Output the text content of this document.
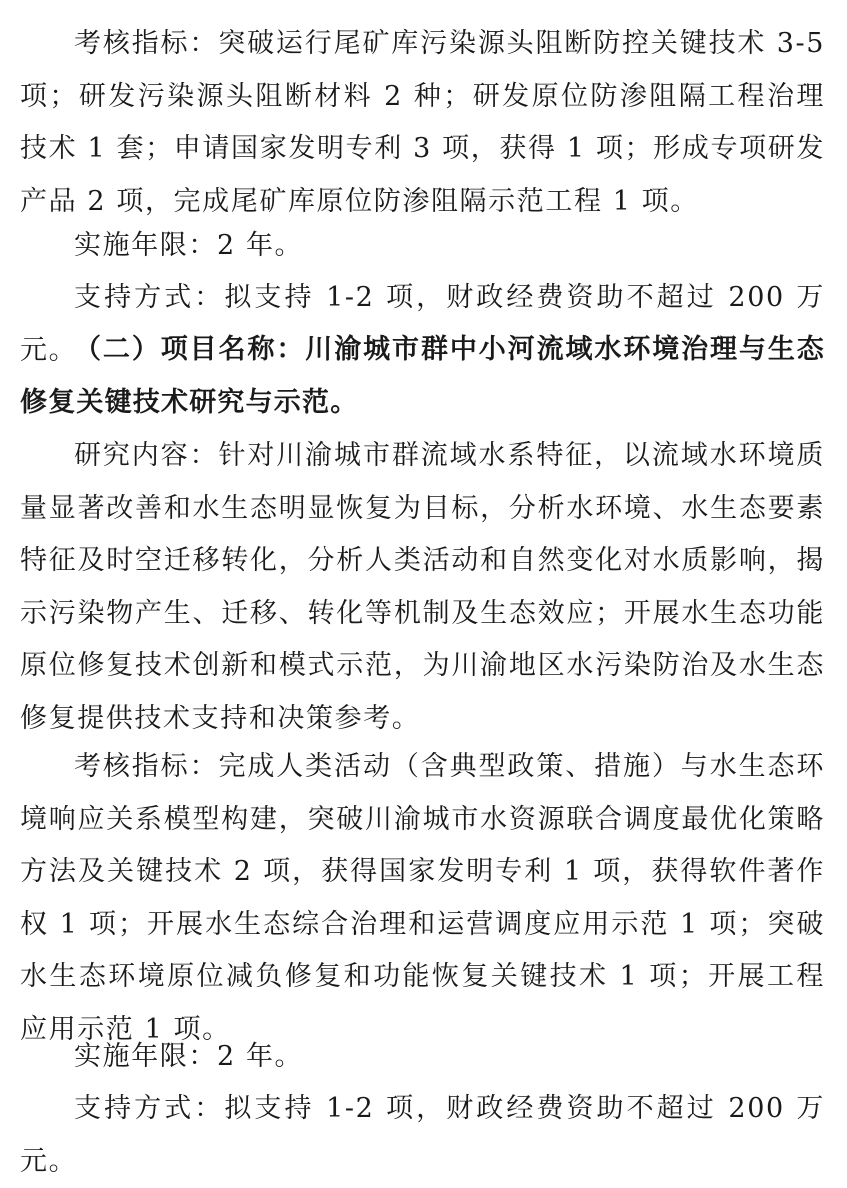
考核指标：突破运行尾矿库污染源头阻断防控关键技术 3-5 项；研发污染源头阻断材料 2 种；研发原位防渗阻隔工程治理技术 1 套；申请国家发明专利 3 项，获得 1 项；形成专项研发产品 2 项，完成尾矿库原位防渗阻隔示范工程 1 项。

实施年限：2 年。

支持方式：拟支持 1-2 项，财政经费资助不超过 200 万元。

（二）项目名称：川渝城市群中小河流域水环境治理与生态修复关键技术研究与示范。

研究内容：针对川渝城市群流域水系特征，以流域水环境质量显著改善和水生态明显恢复为目标，分析水环境、水生态要素特征及时空迁移转化，分析人类活动和自然变化对水质影响，揭示污染物产生、迁移、转化等机制及生态效应；开展水生态功能原位修复技术创新和模式示范，为川渝地区水污染防治及水生态修复提供技术支持和决策参考。

考核指标：完成人类活动（含典型政策、措施）与水生态环境响应关系模型构建，突破川渝城市水资源联合调度最优化策略方法及关键技术 2 项，获得国家发明专利 1 项，获得软件著作权 1 项；开展水生态综合治理和运营调度应用示范 1 项；突破水生态环境原位减负修复和功能恢复关键技术 1 项；开展工程应用示范 1 项。

实施年限：2 年。

支持方式：拟支持 1-2 项，财政经费资助不超过 200 万元。
